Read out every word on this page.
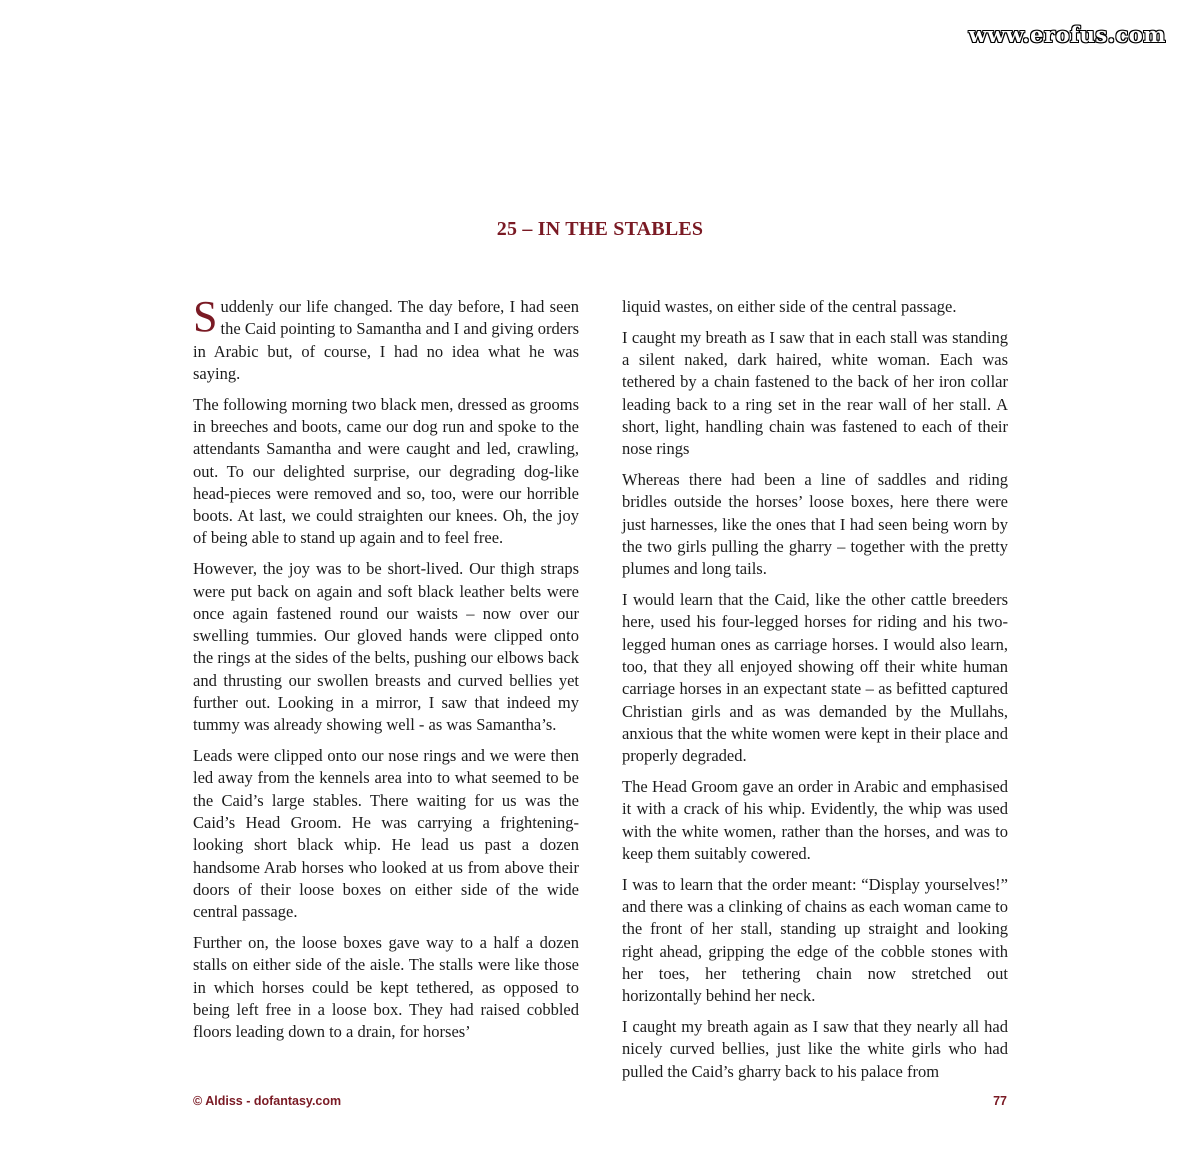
www.erofus.com
25 – IN THE STABLES

Suddenly our life changed. The day before, I had seen the Caid pointing to Samantha and I and giving orders in Arabic but, of course, I had no idea what he was saying.

The following morning two black men, dressed as grooms in breeches and boots, came our dog run and spoke to the attendants Samantha and were caught and led, crawling, out. To our delighted surprise, our degrading dog-like head-pieces were removed and so, too, were our horrible boots. At last, we could straighten our knees. Oh, the joy of being able to stand up again and to feel free.

However, the joy was to be short-lived. Our thigh straps were put back on again and soft black leather belts were once again fastened round our waists – now over our swelling tummies. Our gloved hands were clipped onto the rings at the sides of the belts, pushing our elbows back and thrusting our swollen breasts and curved bellies yet further out. Looking in a mirror, I saw that indeed my tummy was already showing well - as was Samantha’s.

Leads were clipped onto our nose rings and we were then led away from the kennels area into to what seemed to be the Caid’s large stables. There waiting for us was the Caid’s Head Groom. He was carrying a frightening-looking short black whip. He lead us past a dozen handsome Arab horses who looked at us from above their doors of their loose boxes on either side of the wide central passage.

Further on, the loose boxes gave way to a half a dozen stalls on either side of the aisle. The stalls were like those in which horses could be kept tethered, as opposed to being left free in a loose box. They had raised cobbled floors leading down to a drain, for horses’

liquid wastes, on either side of the central passage.

I caught my breath as I saw that in each stall was standing a silent naked, dark haired, white woman. Each was tethered by a chain fastened to the back of her iron collar leading back to a ring set in the rear wall of her stall. A short, light, handling chain was fastened to each of their nose rings

Whereas there had been a line of saddles and riding bridles outside the horses’ loose boxes, here there were just harnesses, like the ones that I had seen being worn by the two girls pulling the gharry – together with the pretty plumes and long tails.

I would learn that the Caid, like the other cattle breeders here, used his four-legged horses for riding and his two-legged human ones as carriage horses. I would also learn, too, that they all enjoyed showing off their white human carriage horses in an expectant state – as befitted captured Christian girls and as was demanded by the Mullahs, anxious that the white women were kept in their place and properly degraded.

The Head Groom gave an order in Arabic and emphasised it with a crack of his whip. Evidently, the whip was used with the white women, rather than the horses, and was to keep them suitably cowered.

I was to learn that the order meant: “Display yourselves!” and there was a clinking of chains as each woman came to the front of her stall, standing up straight and looking right ahead, gripping the edge of the cobble stones with her toes, her tethering chain now stretched out horizontally behind her neck.

I caught my breath again as I saw that they nearly all had nicely curved bellies, just like the white girls who had pulled the Caid’s gharry back to his palace from

© Aldiss - dofantasy.com	77
